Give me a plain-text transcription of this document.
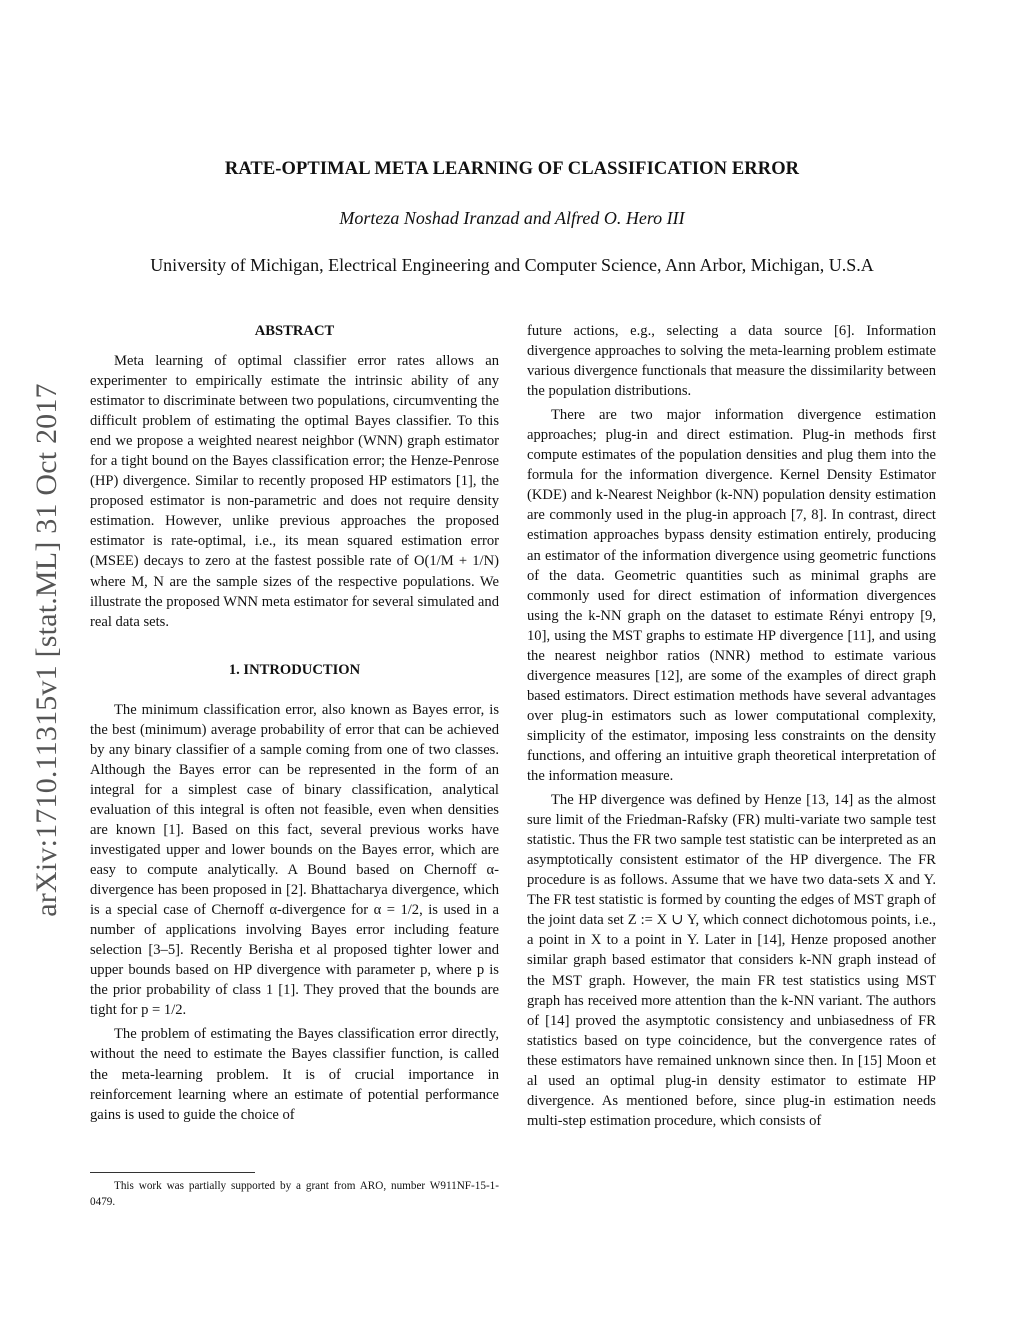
arXiv:1710.11315v1 [stat.ML] 31 Oct 2017
RATE-OPTIMAL META LEARNING OF CLASSIFICATION ERROR
Morteza Noshad Iranzad and Alfred O. Hero III
University of Michigan, Electrical Engineering and Computer Science, Ann Arbor, Michigan, U.S.A
ABSTRACT

Meta learning of optimal classifier error rates allows an experimenter to empirically estimate the intrinsic ability of any estimator to discriminate between two populations, circumventing the difficult problem of estimating the optimal Bayes classifier. To this end we propose a weighted nearest neighbor (WNN) graph estimator for a tight bound on the Bayes classification error; the Henze-Penrose (HP) divergence. Similar to recently proposed HP estimators [1], the proposed estimator is non-parametric and does not require density estimation. However, unlike previous approaches the proposed estimator is rate-optimal, i.e., its mean squared estimation error (MSEE) decays to zero at the fastest possible rate of O(1/M + 1/N) where M, N are the sample sizes of the respective populations. We illustrate the proposed WNN meta estimator for several simulated and real data sets.

1. INTRODUCTION

The minimum classification error, also known as Bayes error, is the best (minimum) average probability of error that can be achieved by any binary classifier of a sample coming from one of two classes. Although the Bayes error can be represented in the form of an integral for a simplest case of binary classification, analytical evaluation of this integral is often not feasible, even when densities are known [1]. Based on this fact, several previous works have investigated upper and lower bounds on the Bayes error, which are easy to compute analytically. A Bound based on Chernoff α-divergence has been proposed in [2]. Bhattacharya divergence, which is a special case of Chernoff α-divergence for α = 1/2, is used in a number of applications involving Bayes error including feature selection [3–5]. Recently Berisha et al proposed tighter lower and upper bounds based on HP divergence with parameter p, where p is the prior probability of class 1 [1]. They proved that the bounds are tight for p = 1/2.

The problem of estimating the Bayes classification error directly, without the need to estimate the Bayes classifier function, is called the meta-learning problem. It is of crucial importance in reinforcement learning where an estimate of potential performance gains is used to guide the choice of

This work was partially supported by a grant from ARO, number W911NF-15-1-0479.

future actions, e.g., selecting a data source [6]. Information divergence approaches to solving the meta-learning problem estimate various divergence functionals that measure the dissimilarity between the population distributions.

There are two major information divergence estimation approaches; plug-in and direct estimation. Plug-in methods first compute estimates of the population densities and plug them into the formula for the information divergence. Kernel Density Estimator (KDE) and k-Nearest Neighbor (k-NN) population density estimation are commonly used in the plug-in approach [7, 8]. In contrast, direct estimation approaches bypass density estimation entirely, producing an estimator of the information divergence using geometric functions of the data. Geometric quantities such as minimal graphs are commonly used for direct estimation of information divergences using the k-NN graph on the dataset to estimate Rényi entropy [9, 10], using the MST graphs to estimate HP divergence [11], and using the nearest neighbor ratios (NNR) method to estimate various divergence measures [12], are some of the examples of direct graph based estimators. Direct estimation methods have several advantages over plug-in estimators such as lower computational complexity, simplicity of the estimator, imposing less constraints on the density functions, and offering an intuitive graph theoretical interpretation of the information measure.

The HP divergence was defined by Henze [13, 14] as the almost sure limit of the Friedman-Rafsky (FR) multi-variate two sample test statistic. Thus the FR two sample test statistic can be interpreted as an asymptotically consistent estimator of the HP divergence. The FR procedure is as follows. Assume that we have two data-sets X and Y. The FR test statistic is formed by counting the edges of MST graph of the joint data set Z := X ∪ Y, which connect dichotomous points, i.e., a point in X to a point in Y. Later in [14], Henze proposed another similar graph based estimator that considers k-NN graph instead of the MST graph. However, the main FR test statistics using MST graph has received more attention than the k-NN variant. The authors of [14] proved the asymptotic consistency and unbiasedness of FR statistics based on type coincidence, but the convergence rates of these estimators have remained unknown since then. In [15] Moon et al used an optimal plug-in density estimator to estimate HP divergence. As mentioned before, since plug-in estimation needs multi-step estimation procedure, which consists of
